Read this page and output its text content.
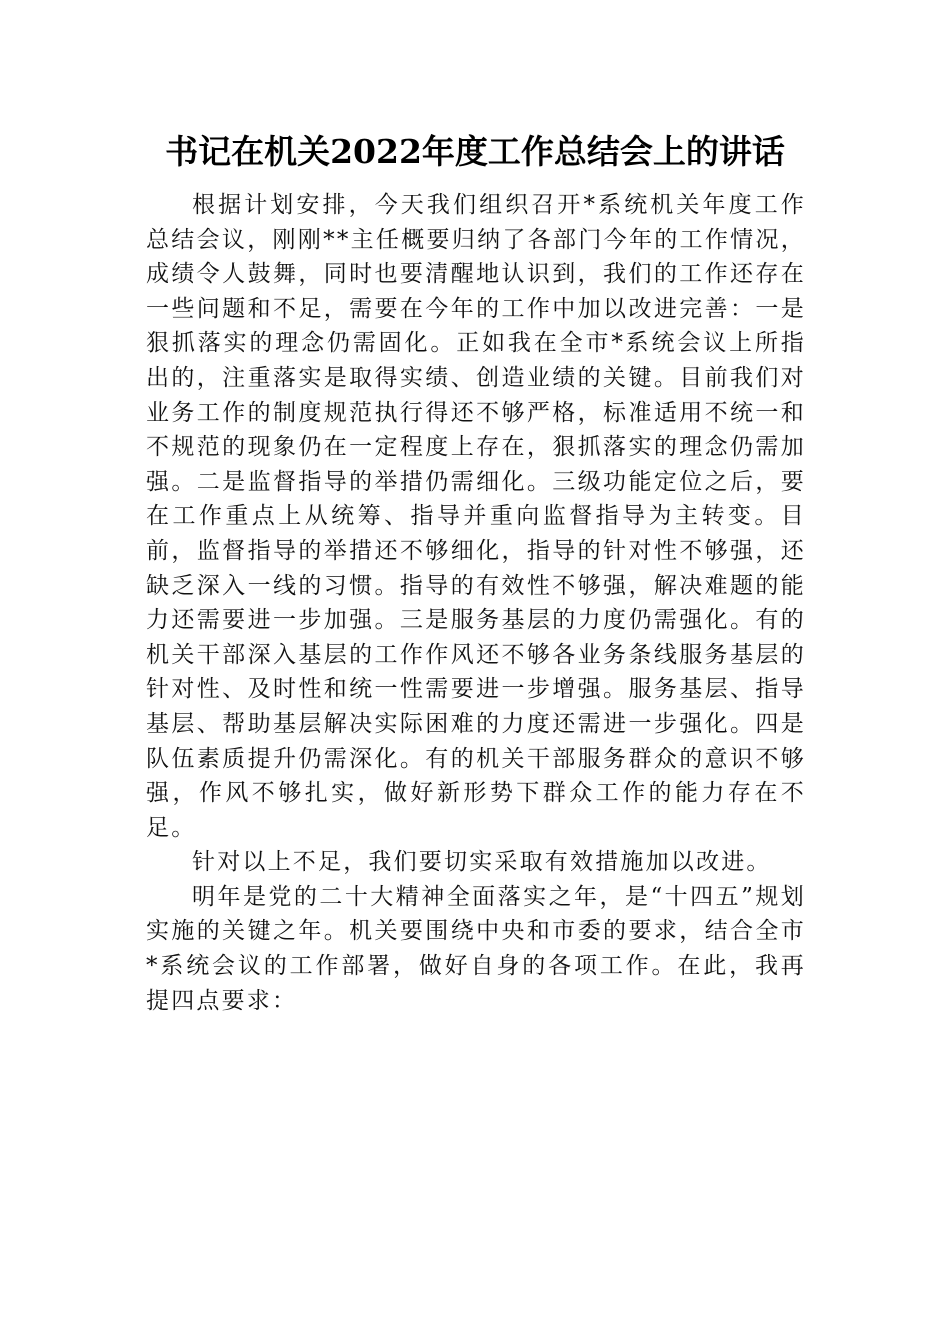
书记在机关2022年度工作总结会上的讲话

根据计划安排，今天我们组织召开*系统机关年度工作总结会议，刚刚**主任概要归纳了各部门今年的工作情况，成绩令人鼓舞，同时也要清醒地认识到，我们的工作还存在一些问题和不足，需要在今年的工作中加以改进完善：一是狠抓落实的理念仍需固化。正如我在全市*系统会议上所指出的，注重落实是取得实绩、创造业绩的关键。目前我们对业务工作的制度规范执行得还不够严格，标准适用不统一和不规范的现象仍在一定程度上存在，狠抓落实的理念仍需加强。二是监督指导的举措仍需细化。三级功能定位之后，要在工作重点上从统筹、指导并重向监督指导为主转变。目前，监督指导的举措还不够细化，指导的针对性不够强，还缺乏深入一线的习惯。指导的有效性不够强，解决难题的能力还需要进一步加强。三是服务基层的力度仍需强化。有的机关干部深入基层的工作作风还不够各业务条线服务基层的针对性、及时性和统一性需要进一步增强。服务基层、指导基层、帮助基层解决实际困难的力度还需进一步强化。四是队伍素质提升仍需深化。有的机关干部服务群众的意识不够强，作风不够扎实，做好新形势下群众工作的能力存在不足。

针对以上不足，我们要切实采取有效措施加以改进。

明年是党的二十大精神全面落实之年，是“十四五”规划实施的关键之年。机关要围绕中央和市委的要求，结合全市*系统会议的工作部署，做好自身的各项工作。在此，我再提四点要求：
